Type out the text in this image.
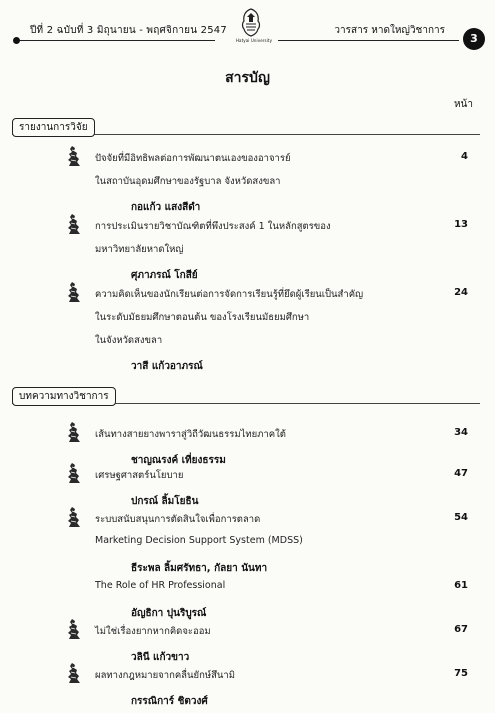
ปีที่ 2 ฉบับที่ 3 มิถุนายน - พฤศจิกายน 2547
Hatyai University
วารสาร หาดใหญ่วิชาการ
3
สารบัญ
หน้า
รายงานการวิจัย
ปัจจัยที่มีอิทธิพลต่อการพัฒนาตนเองของอาจารย์
ในสถาบันอุดมศึกษาของรัฐบาล จังหวัดสงขลา
กอแก้ว แสงสีดำ
4
การประเมินรายวิชาบัณฑิตที่พึงประสงค์ 1 ในหลักสูตรของ
มหาวิทยาลัยหาดใหญ่
ศุภาภรณ์ โกสีย์
13
ความคิดเห็นของนักเรียนต่อการจัดการเรียนรู้ที่ยึดผู้เรียนเป็นสำคัญ
ในระดับมัธยมศึกษาตอนต้น ของโรงเรียนมัธยมศึกษา
ในจังหวัดสงขลา
วาสี แก้วอาภรณ์
24
บทความทางวิชาการ
เส้นทางสายยางพาราสู่วิถีวัฒนธรรมไทยภาคใต้
ชาญณรงค์ เที่ยงธรรม
34
เศรษฐศาสตร์นโยบาย
ปกรณ์ ลิ้มโยธิน
47
ระบบสนับสนุนการตัดสินใจเพื่อการตลาด
Marketing Decision Support System (MDSS)
ธีระพล ลิ้มศรัทธา, กัลยา นันทา
54
The Role of HR Professional
อัญธิกา ปุนริบูรณ์
61
ไม่ใช่เรื่องยากหากคิดจะออม
วลินี แก้วขาว
67
ผลทางกฎหมายจากคลื่นยักษ์สึนามิ
กรรณิการ์ ชิตวงศ์
75
